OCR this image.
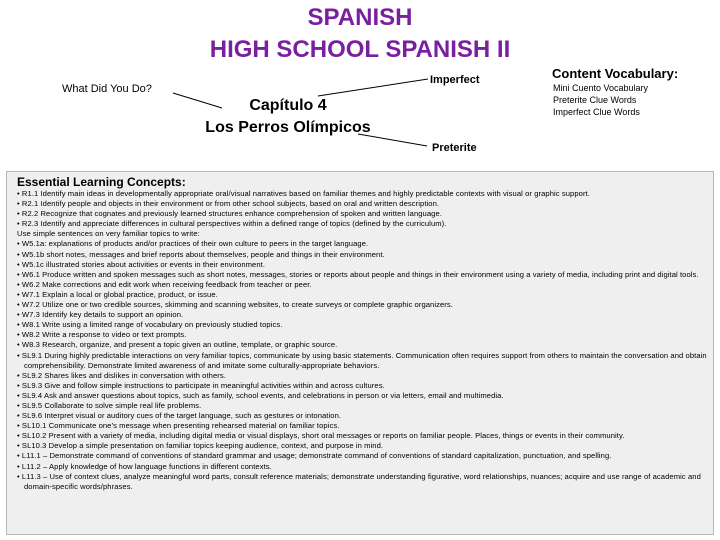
SPANISH
HIGH SCHOOL SPANISH II

What Did You Do?

Imperfect

Preterite

Capítulo 4
Los Perros Olímpicos

Content Vocabulary:

Mini Cuento Vocabulary
Preterite Clue Words
Imperfect Clue Words

Essential Learning Concepts:

• R1.1 Identify main ideas in developmentally appropriate oral/visual narratives based on familiar themes and highly predictable contexts with visual or graphic support.
• R2.1 Identify people and objects in their environment or from other school subjects, based on oral and written description.
• R2.2 Recognize that cognates and previously learned structures enhance comprehension of spoken and written language.
• R2.3 Identify and appreciate differences in cultural perspectives within a defined range of topics (defined by the curriculum).
Use simple sentences on very familiar topics to write:
• W5.1a: explanations of products and/or practices of their own culture to peers in the target language.
• W5.1b short notes, messages and brief reports about themselves, people and things in their environment.
• W5.1c illustrated stories about activities or events in their environment.
• W6.1 Produce written and spoken messages such as short notes, messages, stories or reports about people and things in their environment using a variety of media, including print and digital tools.
• W6.2 Make corrections and edit work when receiving feedback from teacher or peer.
• W7.1 Explain a local or global practice, product, or issue.
• W7.2 Utilize one or two credible sources, skimming and scanning websites, to create surveys or complete graphic organizers.
• W7.3 Identify key details to support an opinion.
• W8.1 Write using a limited range of vocabulary on previously studied topics.
• W8.2 Write a response to video or text prompts.
• W8.3 Research, organize, and present a topic given an outline, template, or graphic source.
• SL9.1 During highly predictable interactions on very familiar topics, communicate by using basic statements. Communication often requires support from others to maintain the conversation and obtain comprehensibility. Demonstrate limited awareness of and imitate some culturally-appropriate behaviors.
• SL9.2 Shares likes and dislikes in conversation with others.
• SL9.3 Give and follow simple instructions to participate in meaningful activities within and across cultures.
• SL9.4 Ask and answer questions about topics, such as family, school events, and celebrations in person or via letters, email and multimedia.
• SL9.5 Collaborate to solve simple real life problems.
• SL9.6 Interpret visual or auditory cues of the target language, such as gestures or intonation.
• SL10.1 Communicate one’s message when presenting rehearsed material on familiar topics.
• SL10.2 Present with a variety of media, including digital media or visual displays, short oral messages or reports on familiar people. Places, things or events in their community.
• SL10.3 Develop a simple presentation on familiar topics keeping audience, context, and purpose in mind.
• L11.1 – Demonstrate command of conventions of standard grammar and usage; demonstrate command of conventions of standard capitalization, punctuation, and spelling.
• L11.2 – Apply knowledge of how language functions in different contexts.
• L11.3 – Use of context clues, analyze meaningful word parts, consult reference materials; demonstrate understanding figurative, word relationships, nuances; acquire and use range of academic and domain-specific words/phrases.
